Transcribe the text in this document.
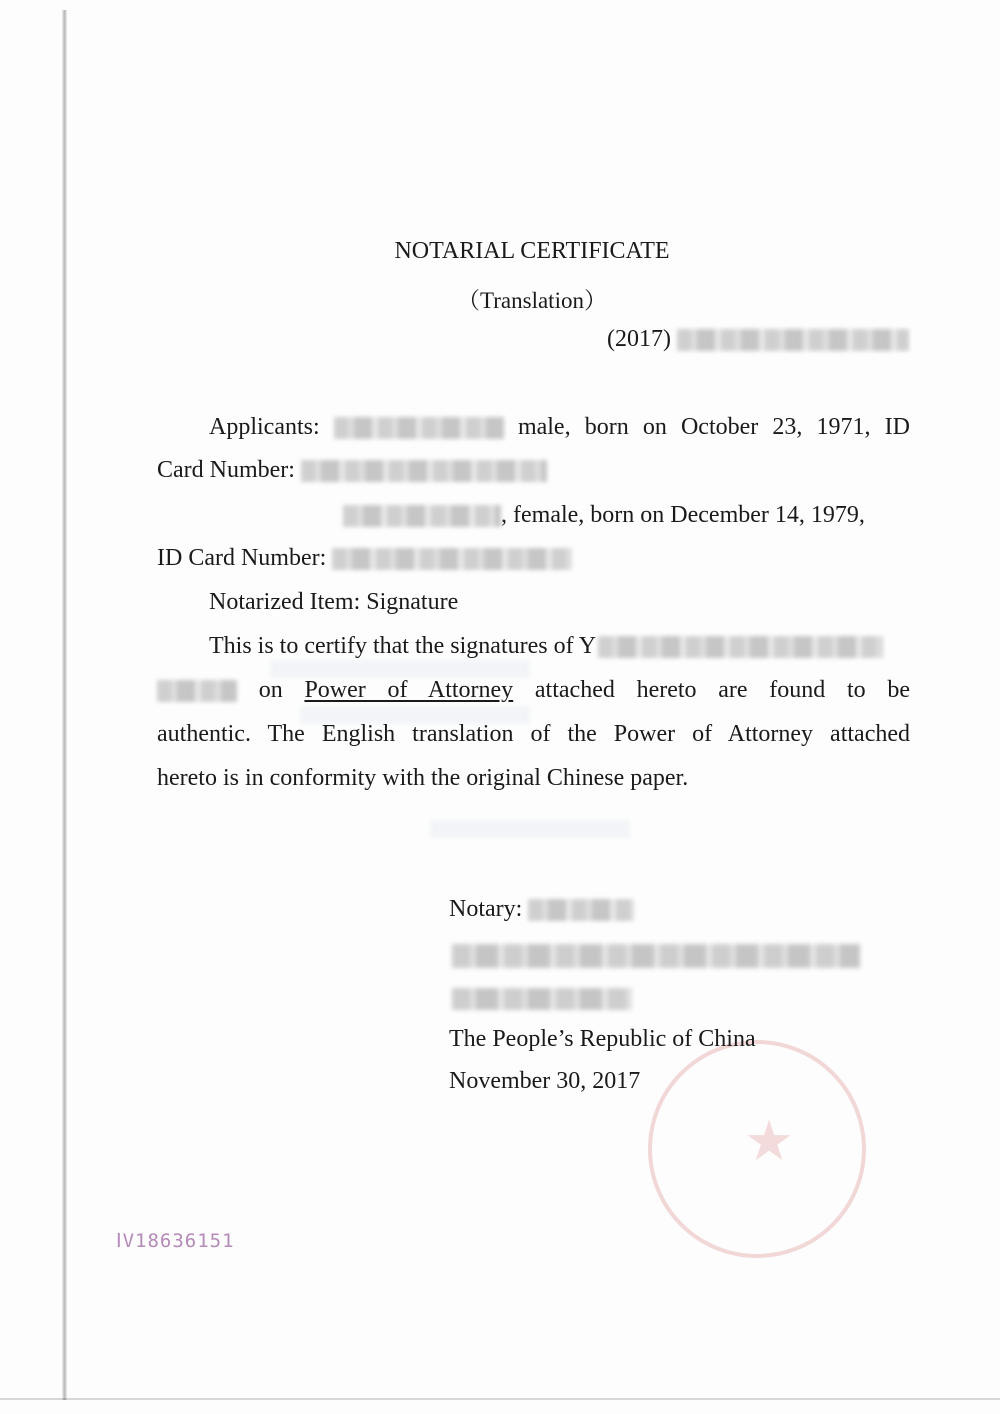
★
NOTARIAL CERTIFICATE
（Translation）
(2017)
Applicants:	male, born on October 23, 1971, ID
Card Number:
, female, born on December 14, 1979,
ID Card Number:
Notarized Item: Signature
This is to certify that the signatures of Y
on Power of Attorney attached hereto are found to be
authentic. The English translation of the Power of Attorney attached
hereto is in conformity with the original Chinese paper.
Notary:
The People’s Republic of China
November 30, 2017
ⅠV18636151
